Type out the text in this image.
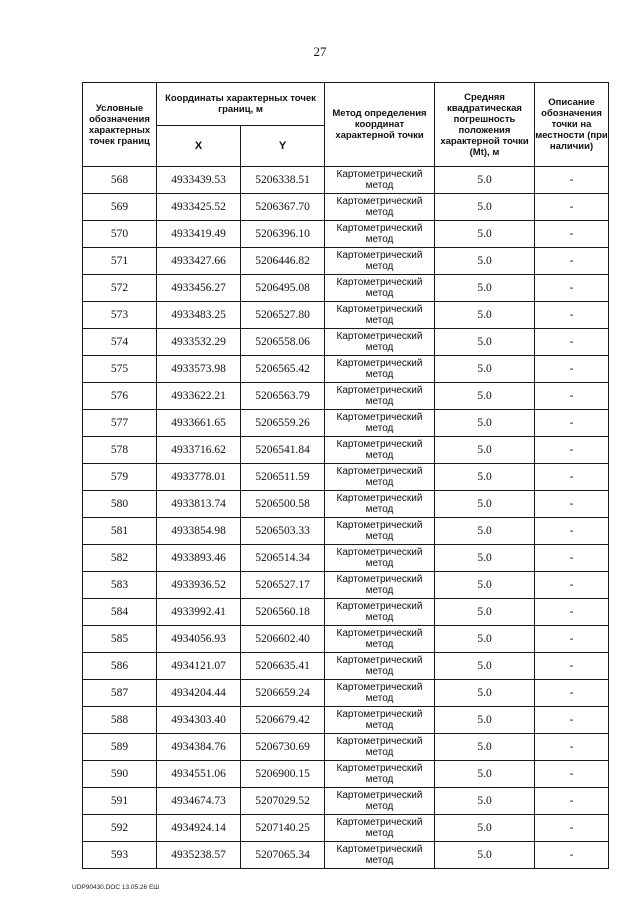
27
Условные обозначения характерных точек границ	Координаты характерных точек границ, м		Метод определения координат характерной точки	Средняя квадратическая погрешность положения характерной точки (Mt), м	Описание обозначения точки на местности (при наличии)
	X	Y			
568	4933439.53	5206338.51	Картометрический метод	5.0	-
569	4933425.52	5206367.70	Картометрический метод	5.0	-
570	4933419.49	5206396.10	Картометрический метод	5.0	-
571	4933427.66	5206446.82	Картометрический метод	5.0	-
572	4933456.27	5206495.08	Картометрический метод	5.0	-
573	4933483.25	5206527.80	Картометрический метод	5.0	-
574	4933532.29	5206558.06	Картометрический метод	5.0	-
575	4933573.98	5206565.42	Картометрический метод	5.0	-
576	4933622.21	5206563.79	Картометрический метод	5.0	-
577	4933661.65	5206559.26	Картометрический метод	5.0	-
578	4933716.62	5206541.84	Картометрический метод	5.0	-
579	4933778.01	5206511.59	Картометрический метод	5.0	-
580	4933813.74	5206500.58	Картометрический метод	5.0	-
581	4933854.98	5206503.33	Картометрический метод	5.0	-
582	4933893.46	5206514.34	Картометрический метод	5.0	-
583	4933936.52	5206527.17	Картометрический метод	5.0	-
584	4933992.41	5206560.18	Картометрический метод	5.0	-
585	4934056.93	5206602.40	Картометрический метод	5.0	-
586	4934121.07	5206635.41	Картометрический метод	5.0	-
587	4934204.44	5206659.24	Картометрический метод	5.0	-
588	4934303.40	5206679.42	Картометрический метод	5.0	-
589	4934384.76	5206730.69	Картометрический метод	5.0	-
590	4934551.06	5206900.15	Картометрический метод	5.0	-
591	4934674.73	5207029.52	Картометрический метод	5.0	-
592	4934924.14	5207140.25	Картометрический метод	5.0	-
593	4935238.57	5207065.34	Картометрический метод	5.0	-
UDP90430.DOC 13.05.26 ЕШ
